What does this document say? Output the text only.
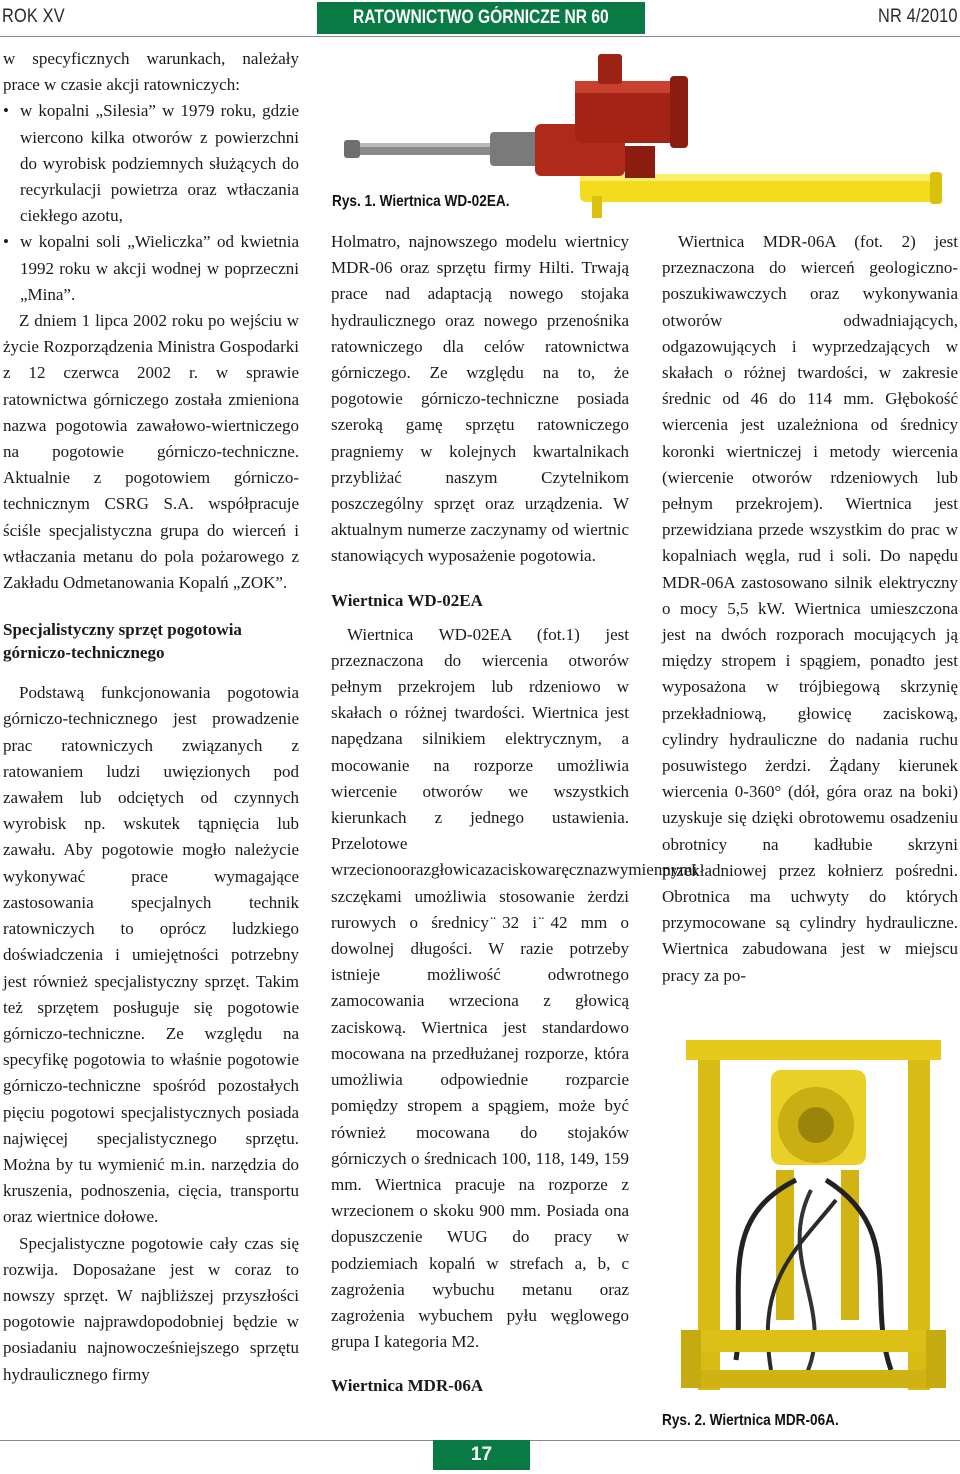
ROK XV	RATOWNICTWO GÓRNICZE NR 60	NR 4/2010

w specyficznych warunkach, należały prace w czasie akcji ratowniczych:

• w kopalni „Silesia” w 1979 roku, gdzie wiercono kilka otworów z powierzchni do wyrobisk podziemnych służących do recyrkulacji powietrza oraz wtłaczania ciekłego azotu,
• w kopalni soli „Wieliczka” od kwietnia 1992 roku w akcji wodnej w poprzeczni „Mina”.

Z dniem 1 lipca 2002 roku po wejściu w życie Rozporządzenia Ministra Gospodarki z 12 czerwca 2002 r. w sprawie ratownictwa górniczego została zmieniona nazwa pogotowia zawałowo-wiertniczego na pogotowie górniczo-techniczne. Aktualnie z pogotowiem górniczo-technicznym CSRG S.A. współpracuje ściśle specjalistyczna grupa do wierceń i wtłaczania metanu do pola pożarowego z Zakładu Odmetanowania Kopalń „ZOK”.

Specjalistyczny sprzęt pogotowia górniczo-technicznego

Podstawą funkcjonowania pogotowia górniczo-technicznego jest prowadzenie prac ratowniczych związanych z ratowaniem ludzi uwięzionych pod zawałem lub odciętych od czynnych wyrobisk np. wskutek tąpnięcia lub zawału. Aby pogotowie mogło należycie wykonywać prace wymagające zastosowania specjalnych technik ratowniczych to oprócz ludzkiego doświadczenia i umiejętności potrzebny jest również specjalistyczny sprzęt. Takim też sprzętem posługuje się pogotowie górniczo-techniczne. Ze względu na specyfikę pogotowia to właśnie pogotowie górniczo-techniczne spośród pozostałych pięciu pogotowi specjalistycznych posiada najwięcej specjalistycznego sprzętu. Można by tu wymienić m.in. narzędzia do kruszenia, podnoszenia, cięcia, transportu oraz wiertnice dołowe.

Specjalistyczne pogotowie cały czas się rozwija. Doposażane jest w coraz to nowszy sprzęt. W najbliższej przyszłości pogotowie najprawdopodobniej będzie w posiadaniu najnowocześniejszego sprzętu hydraulicznego firmy

Rys. 1. Wiertnica WD-02EA.

Holmatro, najnowszego modelu wiertnicy MDR-06 oraz sprzętu firmy Hilti. Trwają prace nad adaptacją nowego stojaka hydraulicznego oraz nowego przenośnika ratowniczego dla celów ratownictwa górniczego. Ze względu na to, że pogotowie górniczo-techniczne posiada szeroką gamę sprzętu ratowniczego pragniemy w kolejnych kwartalnikach przybliżać naszym Czytelnikom poszczególny sprzęt oraz urządzenia. W aktualnym numerze zaczynamy od wiertnic stanowiących wyposażenie pogotowia.

Wiertnica WD-02EA

Wiertnica WD-02EA (fot.1) jest przeznaczona do wiercenia otworów pełnym przekrojem lub rdzeniowo w skałach o różnej twardości. Wiertnica jest napędzana silnikiem elektrycznym, a mocowanie na rozporze umożliwia wiercenie otworów we wszystkich kierunkach z jednego ustawienia. Przelotowe wrzecionoorazgłowicazaciskowaręcznazwymiennymi szczękami umożliwia stosowanie żerdzi rurowych o średnicy ̈32 i ̈42 mm o dowolnej długości. W razie potrzeby istnieje możliwość odwrotnego zamocowania wrzeciona z głowicą zaciskową. Wiertnica jest standardowo mocowana na przedłużanej rozporze, która umożliwia odpowiednie rozparcie pomiędzy stropem a spągiem, może być również mocowana do stojaków górniczych o średnicach 100, 118, 149, 159 mm. Wiertnica pracuje na rozporze z wrzecionem o skoku 900 mm. Posiada ona dopuszczenie WUG do pracy w podziemiach kopalń w strefach a, b, c zagrożenia wybuchu metanu oraz zagrożenia wybuchem pyłu węglowego grupa I kategoria M2.

Wiertnica MDR-06A

Wiertnica MDR-06A (fot. 2) jest przeznaczona do wierceń geologiczno-poszukiwawczych oraz wykonywania otworów odwadniających, odgazowujących i wyprzedzających w skałach o różnej twardości, w zakresie średnic od 46 do 114 mm. Głębokość wiercenia jest uzależniona od średnicy koronki wiertniczej i metody wiercenia (wiercenie otworów rdzeniowych lub pełnym przekrojem). Wiertnica jest przewidziana przede wszystkim do prac w kopalniach węgla, rud i soli. Do napędu MDR-06A zastosowano silnik elektryczny o mocy 5,5 kW. Wiertnica umieszczona jest na dwóch rozporach mocujących ją między stropem i spągiem, ponadto jest wyposażona w trójbiegową skrzynię przekładniową, głowicę zaciskową, cylindry hydrauliczne do nadania ruchu posuwistego żerdzi. Żądany kierunek wiercenia 0-360° (dół, góra oraz na boki) uzyskuje się dzięki obrotowemu osadzeniu obrotnicy na kadłubie skrzyni przekładniowej przez kołnierz pośredni. Obrotnica ma uchwyty do których przymocowane są cylindry hydrauliczne. Wiertnica zabudowana jest w miejscu pracy za po-

Rys. 2. Wiertnica MDR-06A.
17
